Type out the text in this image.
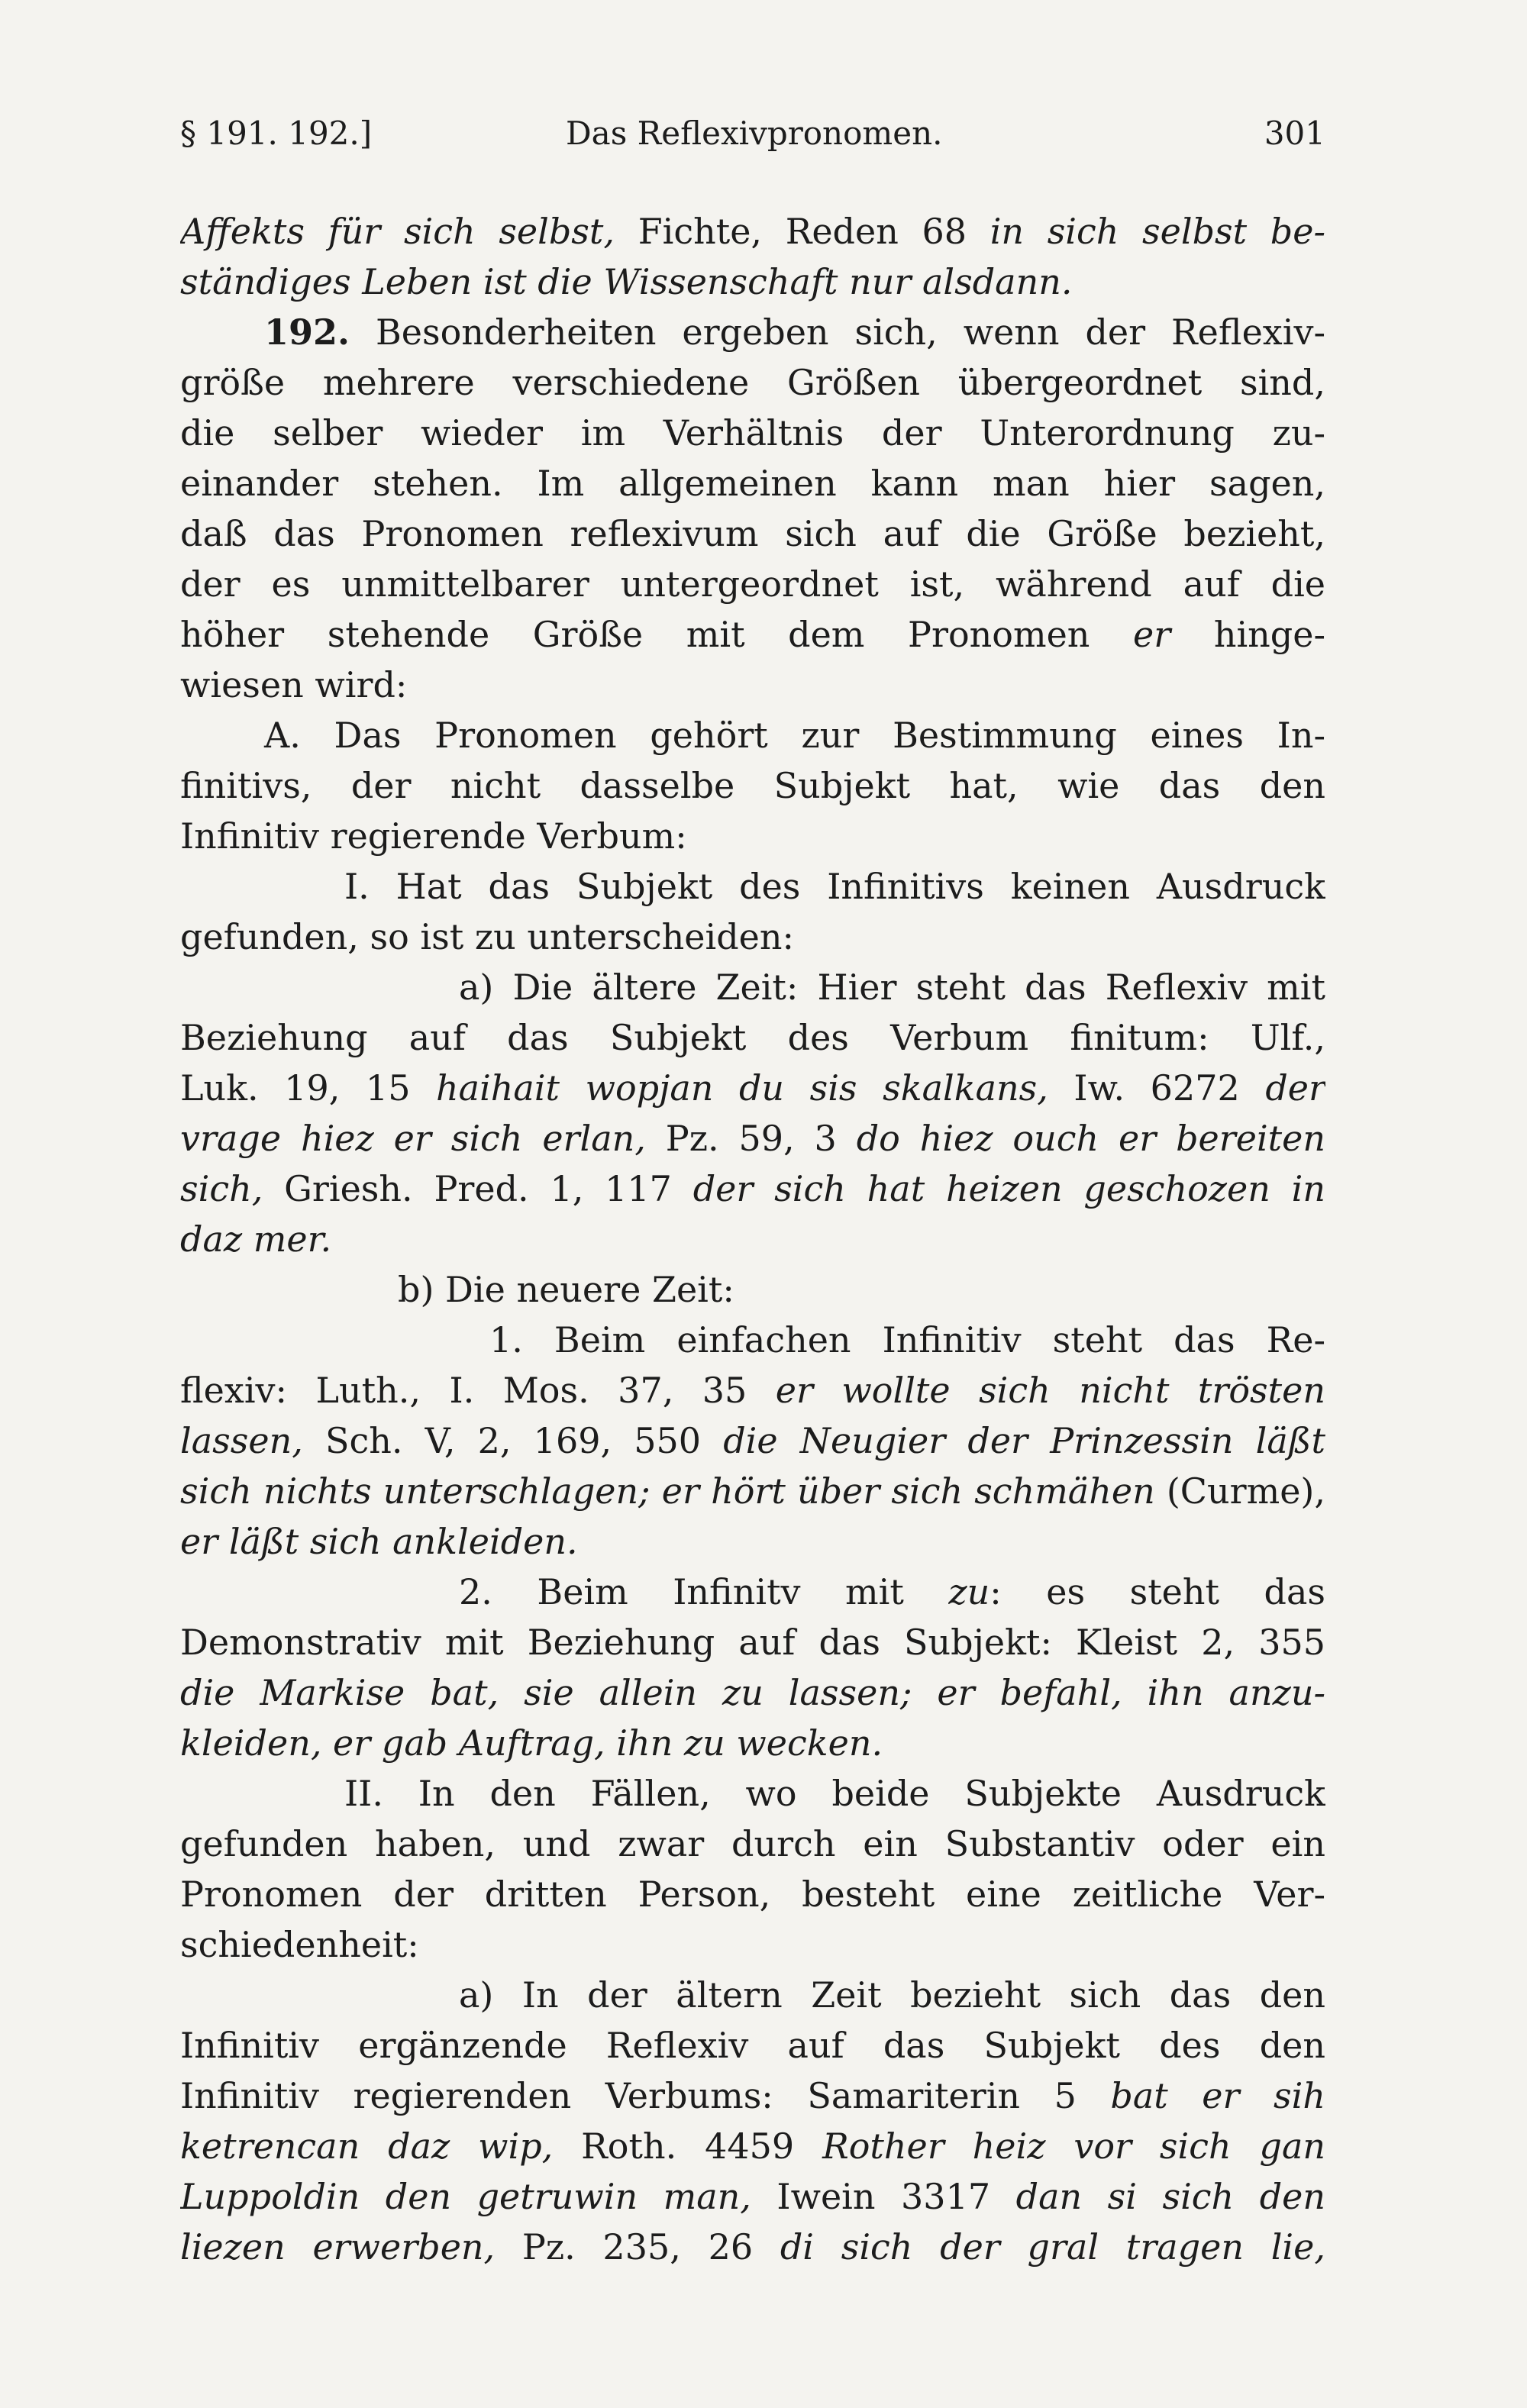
§ 191. 192.]	Das Reflexivpronomen.	301
Affekts für sich selbst, Fichte, Reden 68 in sich selbst be-
ständiges Leben ist die Wissenschaft nur alsdann.
192. Besonderheiten ergeben sich, wenn der Reflexiv-
größe mehrere verschiedene Größen übergeordnet sind,
die selber wieder im Verhältnis der Unterordnung zu-
einander stehen. Im allgemeinen kann man hier sagen,
daß das Pronomen reflexivum sich auf die Größe bezieht,
der es unmittelbarer untergeordnet ist, während auf die
höher stehende Größe mit dem Pronomen er hinge-
wiesen wird:
A. Das Pronomen gehört zur Bestimmung eines In-
finitivs, der nicht dasselbe Subjekt hat, wie das den
Infinitiv regierende Verbum:
I. Hat das Subjekt des Infinitivs keinen Ausdruck
gefunden, so ist zu unterscheiden:
a) Die ältere Zeit: Hier steht das Reflexiv mit
Beziehung auf das Subjekt des Verbum finitum: Ulf.,
Luk. 19, 15 haihait wopjan du sis skalkans, Iw. 6272 der
vrage hiez er sich erlan, Pz. 59, 3 do hiez ouch er bereiten
sich, Griesh. Pred. 1, 117 der sich hat heizen geschozen in
daz mer.
b) Die neuere Zeit:
1. Beim einfachen Infinitiv steht das Re-
flexiv: Luth., I. Mos. 37, 35 er wollte sich nicht trösten
lassen, Sch. V, 2, 169, 550 die Neugier der Prinzessin läßt
sich nichts unterschlagen; er hört über sich schmähen (Curme),
er läßt sich ankleiden.
2. Beim Infinitv mit zu: es steht das
Demonstrativ mit Beziehung auf das Subjekt: Kleist 2, 355
die Markise bat, sie allein zu lassen; er befahl, ihn anzu-
kleiden, er gab Auftrag, ihn zu wecken.
II. In den Fällen, wo beide Subjekte Ausdruck
gefunden haben, und zwar durch ein Substantiv oder ein
Pronomen der dritten Person, besteht eine zeitliche Ver-
schiedenheit:
a) In der ältern Zeit bezieht sich das den
Infinitiv ergänzende Reflexiv auf das Subjekt des den
Infinitiv regierenden Verbums: Samariterin 5 bat er sih
ketrencan daz wip, Roth. 4459 Rother heiz vor sich gan
Luppoldin den getruwin man, Iwein 3317 dan si sich den
liezen erwerben, Pz. 235, 26 di sich der gral tragen lie,
